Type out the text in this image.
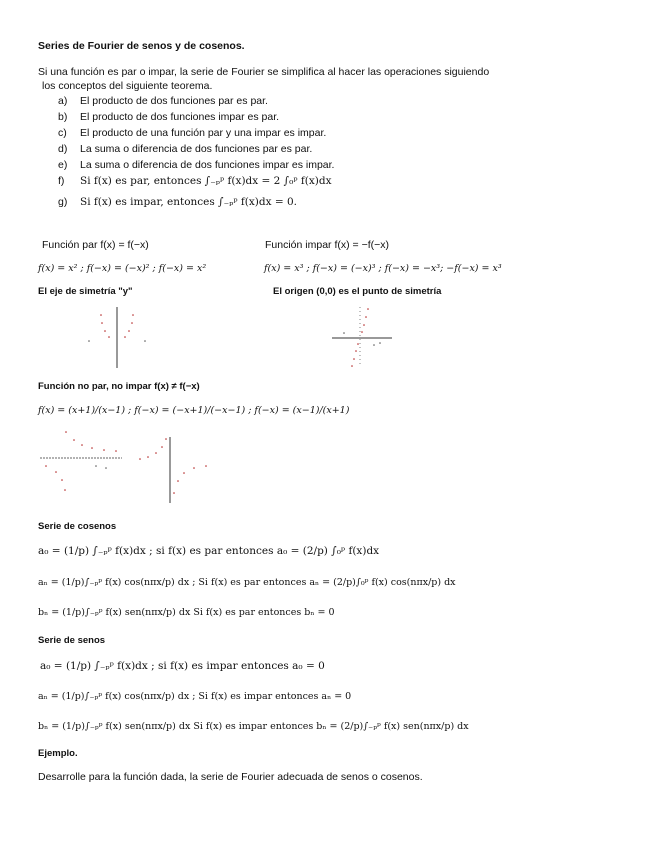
Series de Fourier de senos y de cosenos.
Si una función es par o impar, la serie de Fourier se simplifica al hacer las operaciones siguiendo
los conceptos del siguiente teorema.
a) El producto de dos funciones par es par.
b) El producto de dos funciones impar es par.
c) El producto de una función par y una impar es impar.
d) La suma o diferencia de dos funciones par es par.
e) La suma o diferencia de dos funciones impar es impar.
f) Si f(x) es par, entonces ∫₋ₚᵖ f(x)dx = 2 ∫₀ᵖ f(x)dx
g) Si f(x) es impar, entonces ∫₋ₚᵖ f(x)dx = 0.
Función par f(x) = f(−x)	Función impar f(x) = −f(−x)
f(x) = x² ; f(−x) = (−x)² ; f(−x) = x²	f(x) = x³ ; f(−x) = (−x)³ ; f(−x) = −x³; −f(−x) = x³
El eje de simetría "y"	El origen (0,0) es el punto de simetría
Función no par, no impar f(x) ≠ f(−x)
f(x) = (x+1)/(x−1) ; f(−x) = (−x+1)/(−x−1) ; f(−x) = (x−1)/(x+1)
Serie de cosenos
a₀ = (1/p) ∫₋ₚᵖ f(x)dx ; si f(x) es par entonces a₀ = (2/p) ∫₀ᵖ f(x)dx
aₙ = (1/p)∫₋ₚᵖ f(x) cos(nπx/p) dx ; Si f(x) es par entonces aₙ = (2/p)∫₀ᵖ f(x) cos(nπx/p) dx
bₙ = (1/p)∫₋ₚᵖ f(x) sen(nπx/p) dx Si f(x) es par entonces bₙ = 0
Serie de senos
a₀ = (1/p) ∫₋ₚᵖ f(x)dx ; si f(x) es impar entonces a₀ = 0
aₙ = (1/p)∫₋ₚᵖ f(x) cos(nπx/p) dx ; Si f(x) es impar entonces aₙ = 0
bₙ = (1/p)∫₋ₚᵖ f(x) sen(nπx/p) dx Si f(x) es impar entonces bₙ = (2/p)∫₋ₚᵖ f(x) sen(nπx/p) dx
Ejemplo.
Desarrolle para la función dada, la serie de Fourier adecuada de senos o cosenos.
